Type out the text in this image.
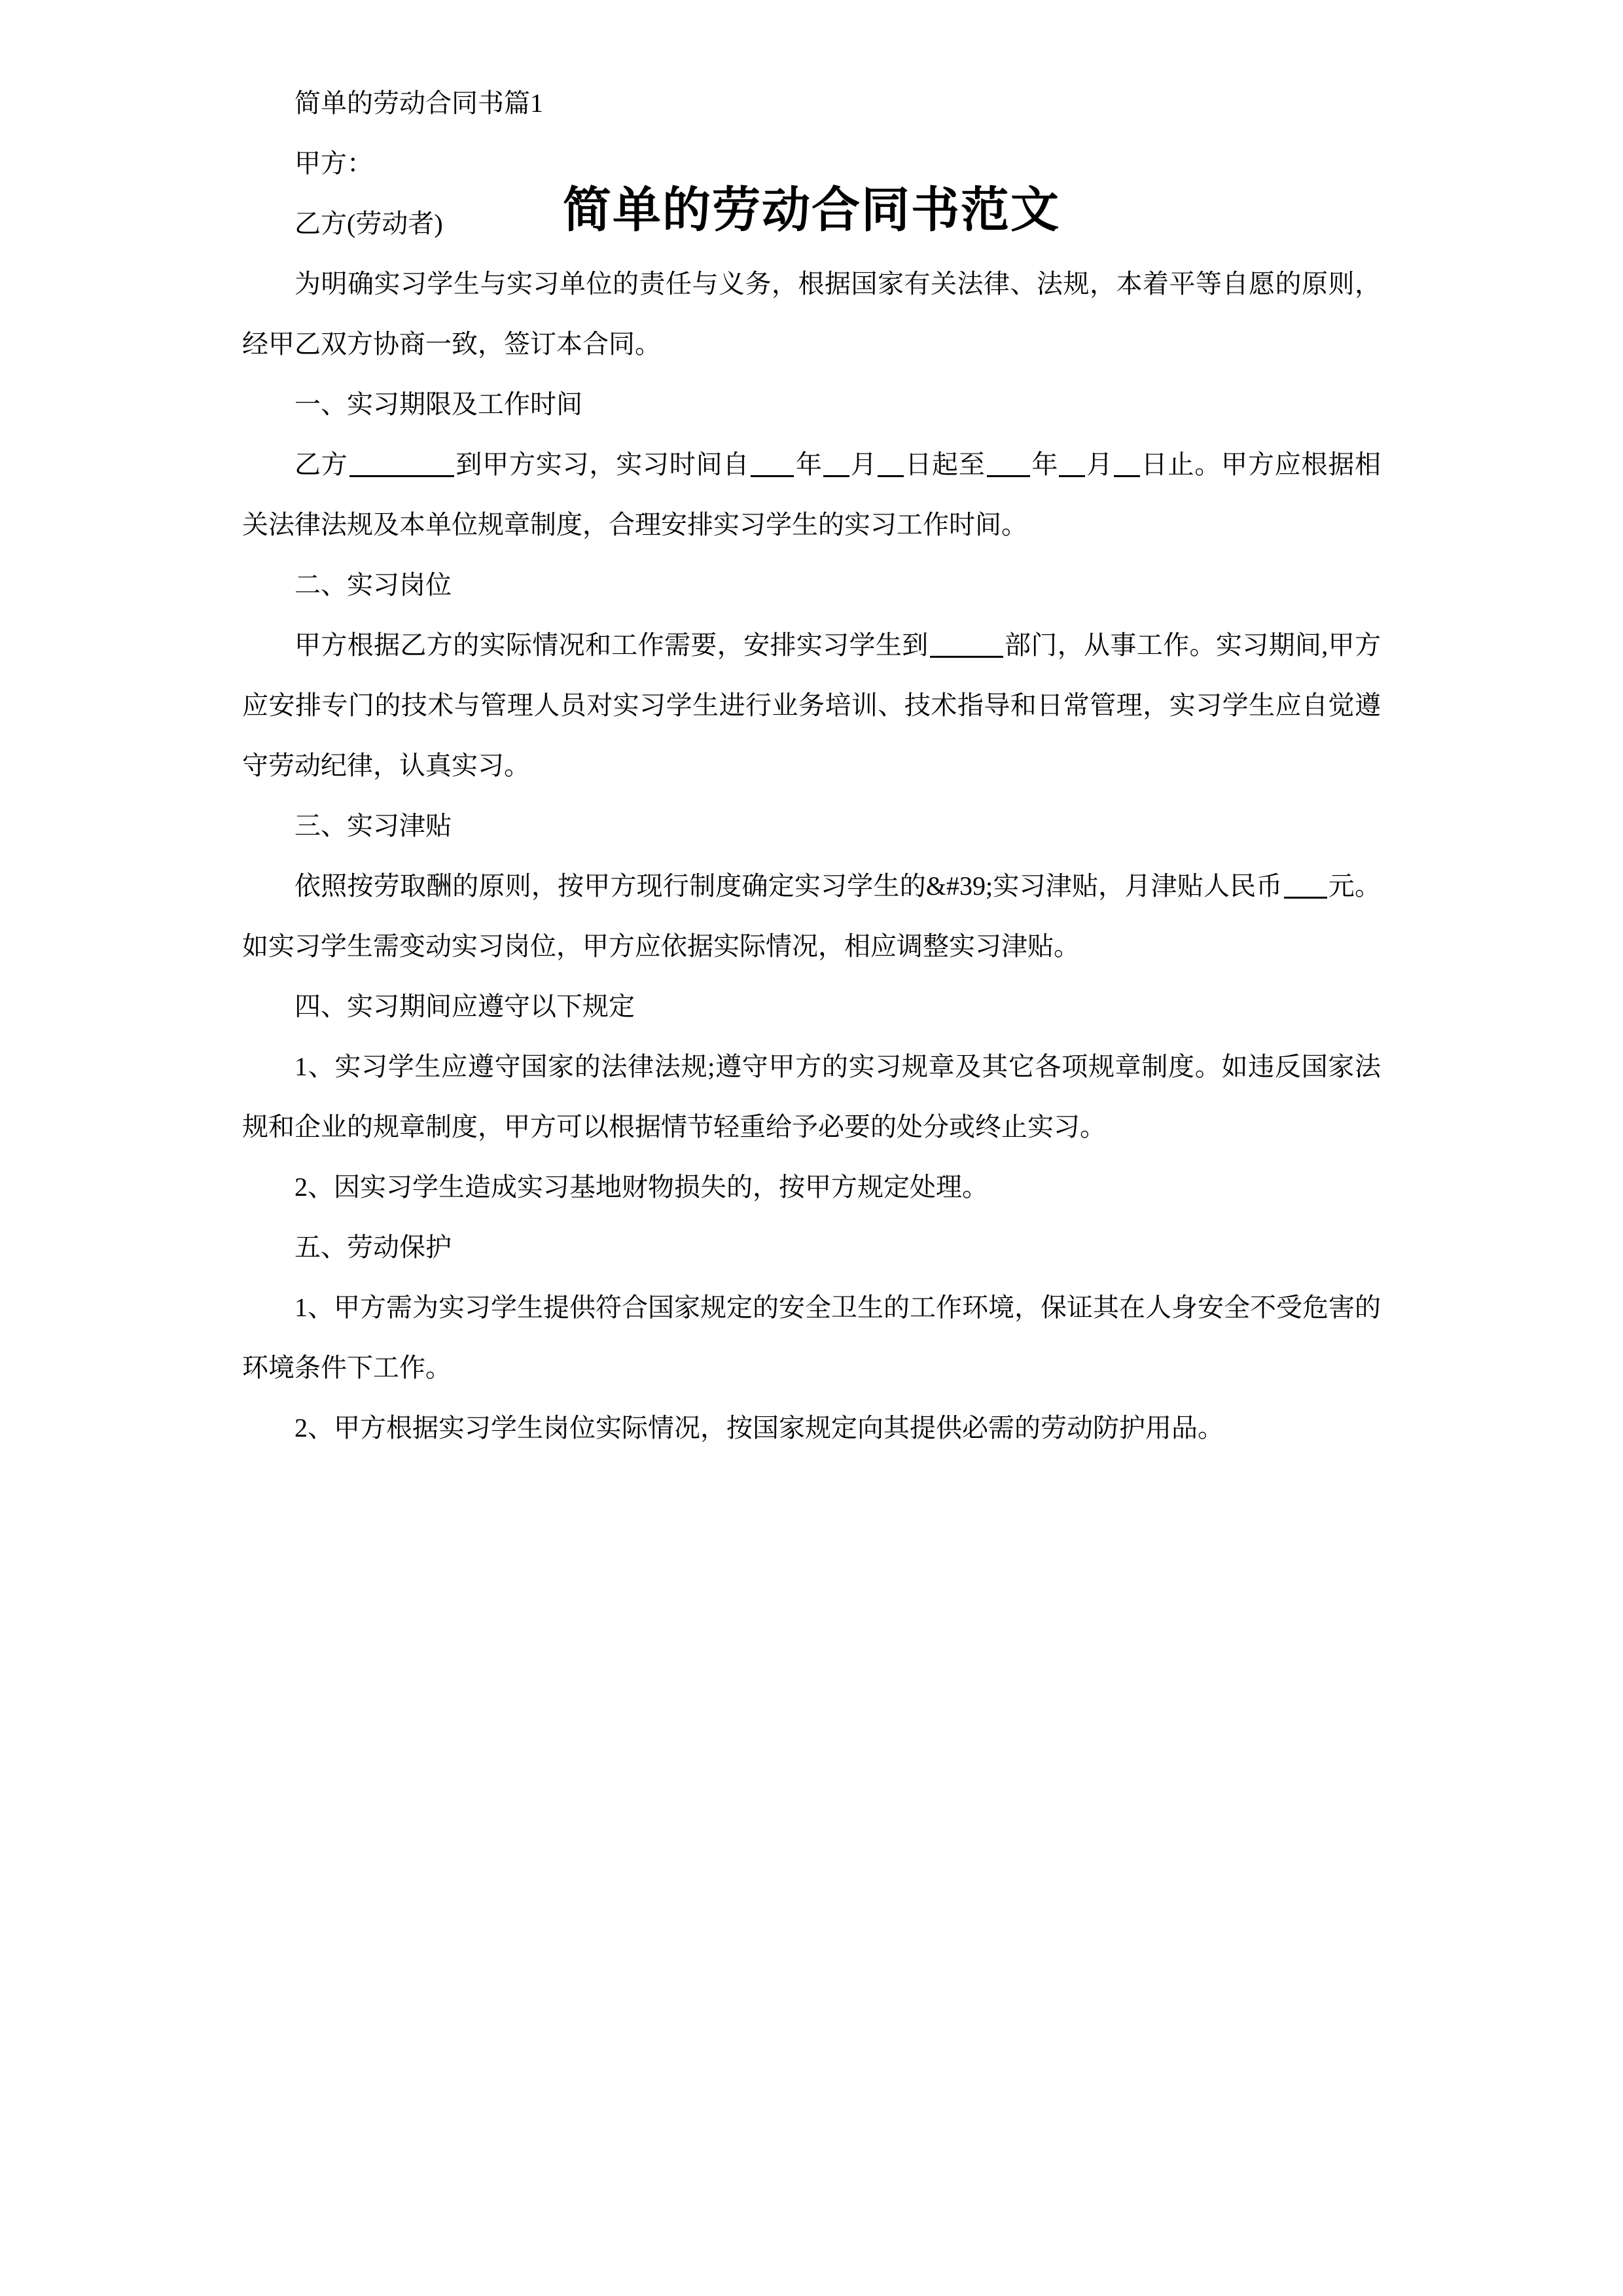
简单的劳动合同书范文

简单的劳动合同书篇1

甲方：

乙方(劳动者)

为明确实习学生与实习单位的责任与义务，根据国家有关法律、法规，本着平等自愿的原则，经甲乙双方协商一致，签订本合同。

一、实习期限及工作时间

乙方	到甲方实习，实习时间自 年 月 日起至 年 月 日止。甲方应根据相关法律法规及本单位规章制度，合理安排实习学生的实习工作时间。

二、实习岗位

甲方根据乙方的实际情况和工作需要，安排实习学生到	部门，从事工作。实习期间,甲方应安排专门的技术与管理人员对实习学生进行业务培训、技术指导和日常管理，实习学生应自觉遵守劳动纪律，认真实习。

三、实习津贴

依照按劳取酬的原则，按甲方现行制度确定实习学生的&#39;实习津贴，月津贴人民币 元。如实习学生需变动实习岗位，甲方应依据实际情况，相应调整实习津贴。

四、实习期间应遵守以下规定

1、实习学生应遵守国家的法律法规;遵守甲方的实习规章及其它各项规章制度。如违反国家法规和企业的规章制度，甲方可以根据情节轻重给予必要的处分或终止实习。

2、因实习学生造成实习基地财物损失的，按甲方规定处理。

五、劳动保护

1、甲方需为实习学生提供符合国家规定的安全卫生的工作环境，保证其在人身安全不受危害的环境条件下工作。

2、甲方根据实习学生岗位实际情况，按国家规定向其提供必需的劳动防护用品。
